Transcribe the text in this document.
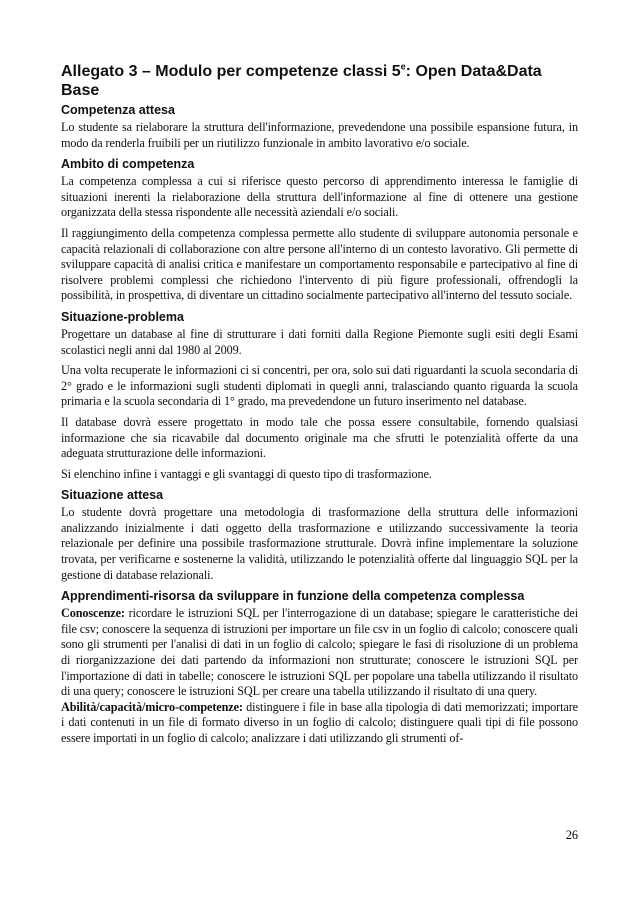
Allegato 3 – Modulo per competenze classi 5e: Open Data&Data Base
Competenza attesa

Lo studente sa rielaborare la struttura dell'informazione, prevedendone una possibile espansione futura, in modo da renderla fruibili per un riutilizzo funzionale in ambito lavorativo e/o sociale.

Ambito di competenza

La competenza complessa a cui si riferisce questo percorso di apprendimento interessa le famiglie di situazioni inerenti la rielaborazione della struttura dell'informazione al fine di ottenere una gestione organizzata della stessa rispondente alle necessità aziendali e/o sociali.

Il raggiungimento della competenza complessa permette allo studente di sviluppare autonomia personale e capacità relazionali di collaborazione con altre persone all'interno di un contesto lavorativo. Gli permette di sviluppare capacità di analisi critica e manifestare un comportamento responsabile e partecipativo al fine di risolvere problemi complessi che richiedono l'intervento di più figure professionali, offrendogli la possibilità, in prospettiva, di diventare un cittadino socialmente partecipativo all'interno del tessuto sociale.

Situazione-problema

Progettare un database al fine di strutturare i dati forniti dalla Regione Piemonte sugli esiti degli Esami scolastici negli anni dal 1980 al 2009.

Una volta recuperate le informazioni ci si concentri, per ora, solo sui dati riguardanti la scuola secondaria di 2° grado e le informazioni sugli studenti diplomati in quegli anni, tralasciando quanto riguarda la scuola primaria e la scuola secondaria di 1° grado, ma prevedendone un futuro inserimento nel database.

Il database dovrà essere progettato in modo tale che possa essere consultabile, fornendo qualsiasi informazione che sia ricavabile dal documento originale ma che sfrutti le potenzialità offerte da una adeguata strutturazione delle informazioni.

Si elenchino infine i vantaggi e gli svantaggi di questo tipo di trasformazione.

Situazione attesa

Lo studente dovrà progettare una metodologia di trasformazione della struttura delle informazioni analizzando inizialmente i dati oggetto della trasformazione e utilizzando successivamente la teoria relazionale per definire una possibile trasformazione strutturale. Dovrà infine implementare la soluzione trovata, per verificarne e sostenerne la validità, utilizzando le potenzialità offerte dal linguaggio SQL per la gestione di database relazionali.

Apprendimenti-risorsa da sviluppare in funzione della competenza complessa

Conoscenze: ricordare le istruzioni SQL per l'interrogazione di un database; spiegare le caratteristiche dei file csv; conoscere la sequenza di istruzioni per importare un file csv in un foglio di calcolo; conoscere quali sono gli strumenti per l'analisi di dati in un foglio di calcolo; spiegare le fasi di risoluzione di un problema di riorganizzazione dei dati partendo da informazioni non strutturate; conoscere le istruzioni SQL per l'importazione di dati in tabelle; conoscere le istruzioni SQL per popolare una tabella utilizzando il risultato di una query; conoscere le istruzioni SQL per creare una tabella utilizzando il risultato di una query.

Abilità/capacità/micro-competenze: distinguere i file in base alla tipologia di dati memorizzati; importare i dati contenuti in un file di formato diverso in un foglio di calcolo; distinguere quali tipi di file possono essere importati in un foglio di calcolo; analizzare i dati utilizzando gli strumenti of-

26
